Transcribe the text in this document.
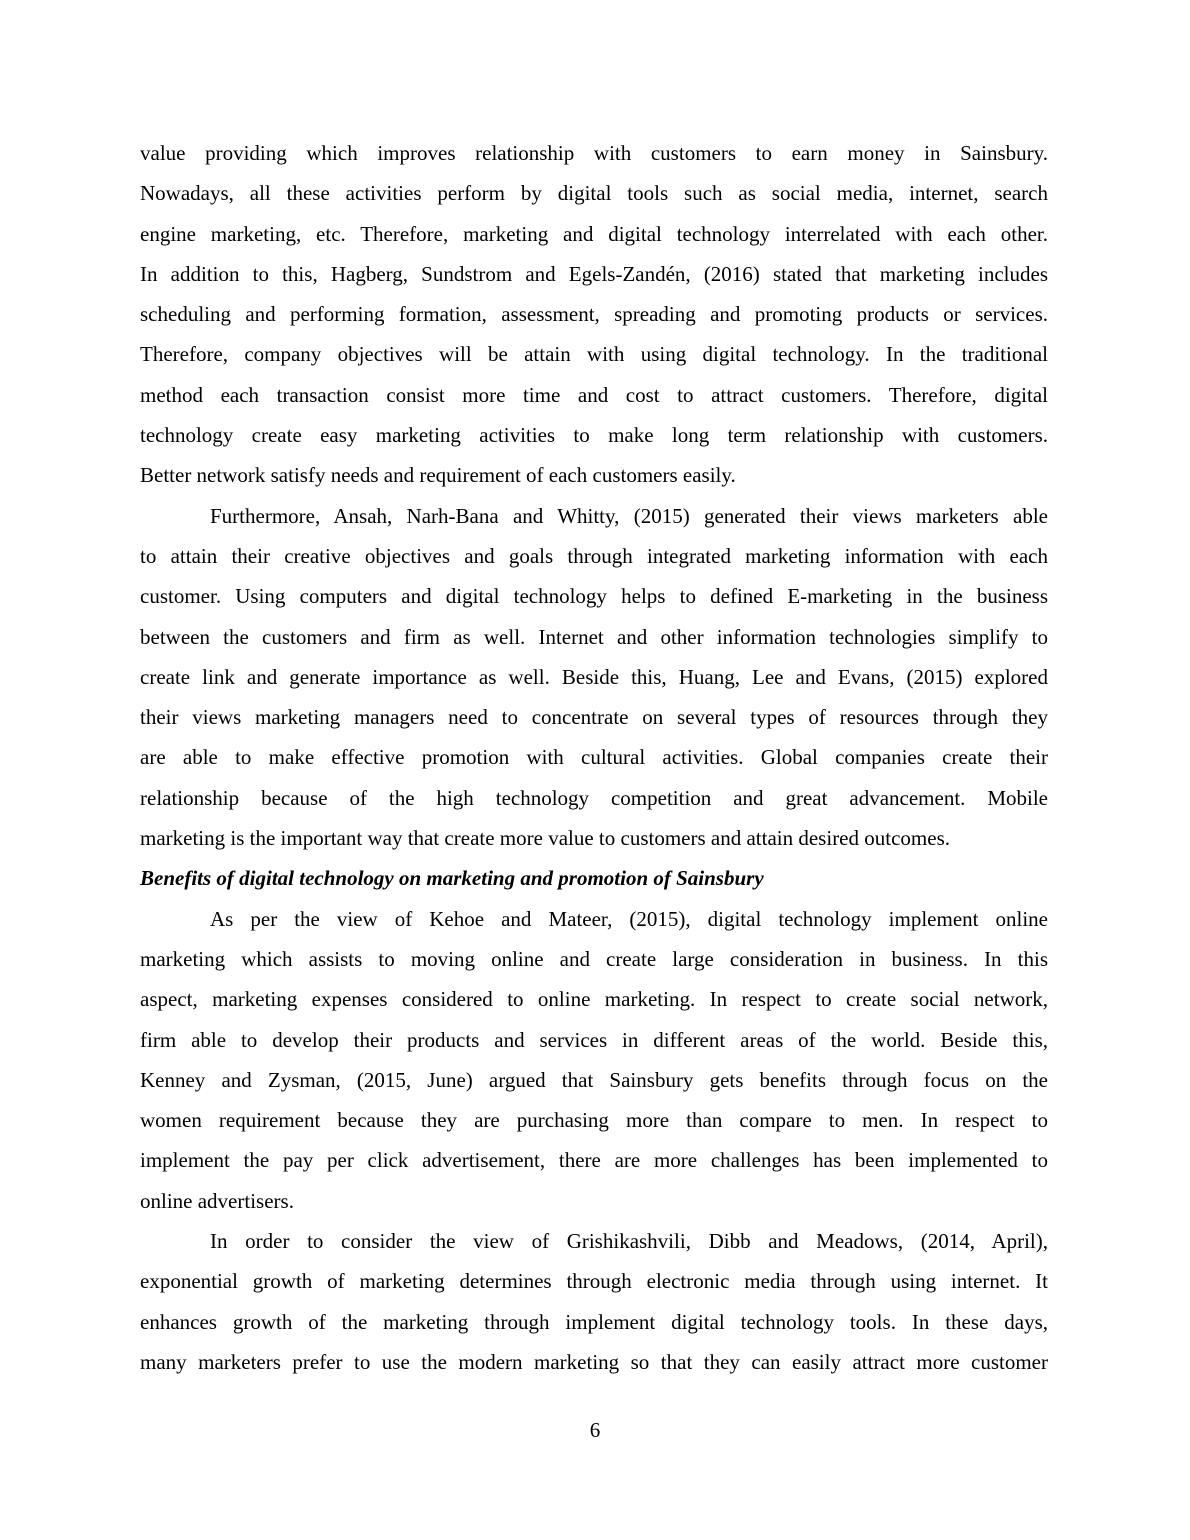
value providing which improves relationship with customers to earn money in Sainsbury.
Nowadays, all these activities perform by digital tools such as social media, internet, search
engine marketing, etc. Therefore, marketing and digital technology interrelated with each other.
In addition to this, Hagberg, Sundstrom and Egels-Zandén, (2016) stated that marketing includes
scheduling and performing formation, assessment, spreading and promoting products or services.
Therefore, company objectives will be attain with using digital technology. In the traditional
method each transaction consist more time and cost to attract customers. Therefore, digital
technology create easy marketing activities to make long term relationship with customers.
Better network satisfy needs and requirement of each customers easily.
Furthermore, Ansah, Narh-Bana and Whitty, (2015) generated their views marketers able
to attain their creative objectives and goals through integrated marketing information with each
customer. Using computers and digital technology helps to defined E-marketing in the business
between the customers and firm as well. Internet and other information technologies simplify to
create link and generate importance as well. Beside this, Huang, Lee and Evans, (2015) explored
their views marketing managers need to concentrate on several types of resources through they
are able to make effective promotion with cultural activities. Global companies create their
relationship because of the high technology competition and great advancement. Mobile
marketing is the important way that create more value to customers and attain desired outcomes.
Benefits of digital technology on marketing and promotion of Sainsbury
As per the view of Kehoe and Mateer, (2015), digital technology implement online
marketing which assists to moving online and create large consideration in business. In this
aspect, marketing expenses considered to online marketing. In respect to create social network,
firm able to develop their products and services in different areas of the world. Beside this,
Kenney and Zysman, (2015, June) argued that Sainsbury gets benefits through focus on the
women requirement because they are purchasing more than compare to men. In respect to
implement the pay per click advertisement, there are more challenges has been implemented to
online advertisers.
In order to consider the view of Grishikashvili, Dibb and Meadows, (2014, April),
exponential growth of marketing determines through electronic media through using internet. It
enhances growth of the marketing through implement digital technology tools. In these days,
many marketers prefer to use the modern marketing so that they can easily attract more customer
6
